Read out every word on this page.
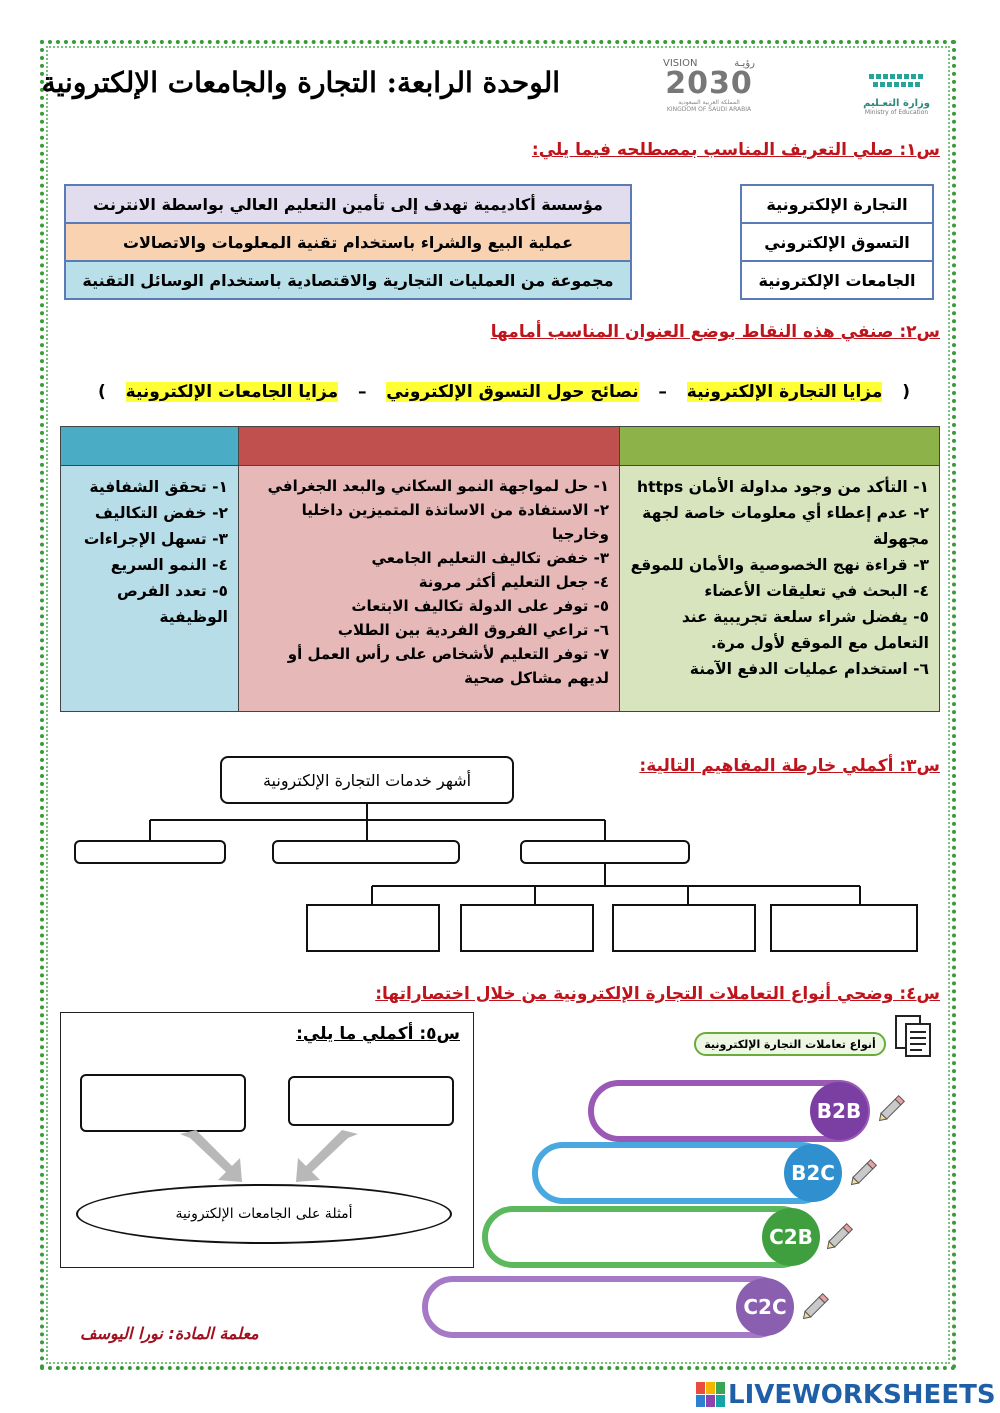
الوحدة الرابعة: التجارة والجامعات الإلكترونية
VISION	رؤيـة
2030
المملكة العربية السعودية
KINGDOM OF SAUDI ARABIA
وزارة التعـليم
Ministry of Education
س١: صلي التعريف المناسب بمصطلحه فيما يلي:
التجارة الإلكترونية
التسوق الإلكتروني
الجامعات الإلكترونية
مؤسسة أكاديمية تهدف إلى تأمين التعليم العالي بواسطة الانترنت
عملية البيع والشراء باستخدام تقنية المعلومات والاتصالات
مجموعة من العمليات التجارية والاقتصادية باستخدام الوسائل التقنية
س٢: صنفي هذه النقاط بوضع العنوان المناسب أمامها
(
مزايا التجارة الإلكترونية
–
نصائح حول التسوق الإلكتروني
–
مزايا الجامعات الإلكترونية
)
١- التأكد من وجود مداولة الأمان https
٢- عدم إعطاء أي معلومات خاصة لجهة مجهولة
٣- قراءة نهج الخصوصية والأمان للموقع
٤- البحث في تعليقات الأعضاء
٥- يفضل شراء سلعة تجريبية عند التعامل مع الموقع لأول مرة.
٦- استخدام عمليات الدفع الآمنة
١- حل لمواجهة النمو السكاني والبعد الجغرافي
٢- الاستفادة من الاساتذة المتميزين داخليا وخارجيا
٣- خفض تكاليف التعليم الجامعي
٤- جعل التعليم أكثر مرونة
٥- توفر على الدولة تكاليف الابتعاث
٦- تراعي الفروق الفردية بين الطلاب
٧- توفر التعليم لأشخاص على رأس العمل أو لديهم مشاكل صحية
١- تحقق الشفافية
٢- خفض التكاليف
٣- تسهل الإجراءات
٤- النمو السريع
٥- تعدد الفرص الوظيفية
س٣: أكملي خارطة المفاهيم التالية:
أشهر خدمات التجارة الإلكترونية
س٤: وضحي أنواع التعاملات التجارة الإلكترونية من خلال اختصاراتها:
أنواع تعاملات التجارة الإلكترونية
B2B
B2C
C2B
C2C
س٥: أكملي ما يلي:
أمثلة على الجامعات الإلكترونية
معلمة المادة: نورا اليوسف
LIVEWORKSHEETS
